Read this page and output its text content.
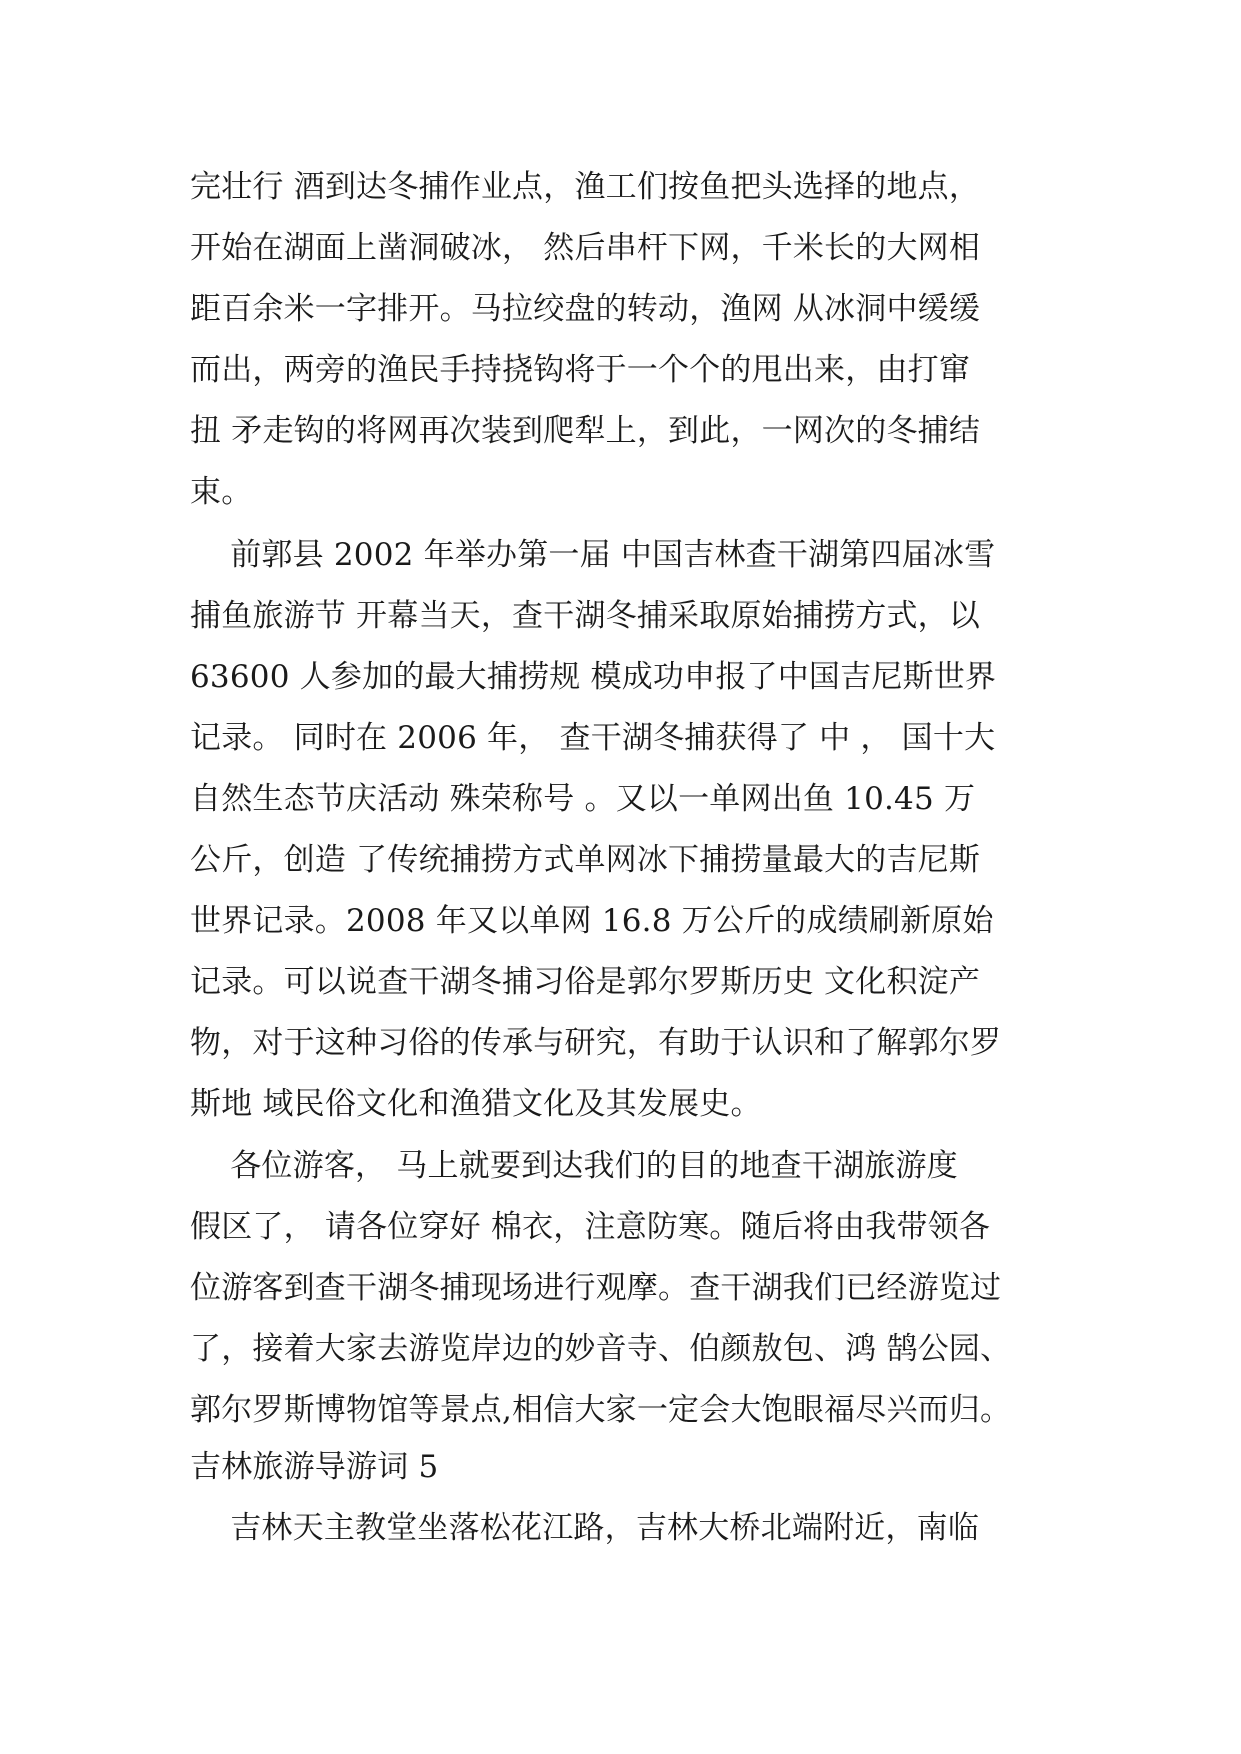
完壮行 酒到达冬捕作业点，渔工们按鱼把头选择的地点，
开始在湖面上凿洞破冰， 然后串杆下网，千米长的大网相
距百余米一字排开。马拉绞盘的转动，渔网 从冰洞中缓缓
而出，两旁的渔民手持挠钩将于一个个的甩出来，由打窜
扭 矛走钩的将网再次装到爬犁上，到此，一网次的冬捕结
束。
前郭县 2002 年举办第一届 中国吉林查干湖第四届冰雪
捕鱼旅游节 开幕当天，查干湖冬捕采取原始捕捞方式，以
63600 人参加的最大捕捞规 模成功申报了中国吉尼斯世界
记录。 同时在 2006 年， 查干湖冬捕获得了 中 ， 国十大
自然生态节庆活动 殊荣称号 。又以一单网出鱼 10.45 万
公斤，创造 了传统捕捞方式单网冰下捕捞量最大的吉尼斯
世界记录。2008 年又以单网 16.8 万公斤的成绩刷新原始
记录。可以说查干湖冬捕习俗是郭尔罗斯历史 文化积淀产
物，对于这种习俗的传承与研究，有助于认识和了解郭尔罗
斯地 域民俗文化和渔猎文化及其发展史。
各位游客， 马上就要到达我们的目的地查干湖旅游度
假区了， 请各位穿好 棉衣，注意防寒。随后将由我带领各
位游客到查干湖冬捕现场进行观摩。查干湖我们已经游览过
了，接着大家去游览岸边的妙音寺、伯颜敖包、鸿 鹄公园、
郭尔罗斯博物馆等景点,相信大家一定会大饱眼福尽兴而归。
吉林旅游导游词 5
吉林天主教堂坐落松花江路，吉林大桥北端附近，南临
